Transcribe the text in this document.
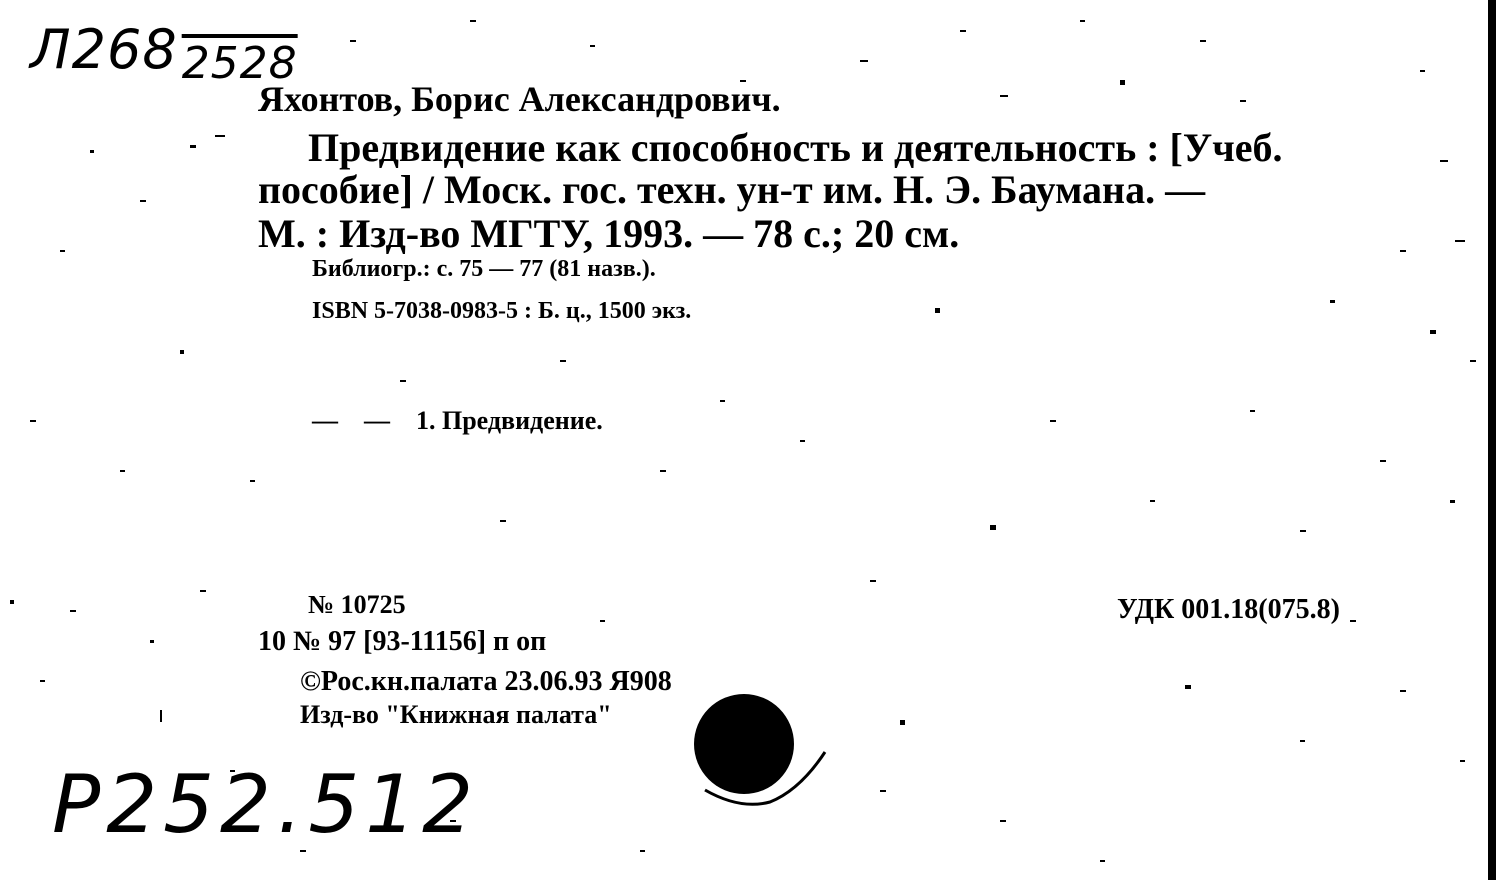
$Л268_{2528}$
Яхонтов, Борис Александрович.
Предвидение как способность и деятельность : [Учеб.
пособие] / Моск. гос. техн. ун-т им. Н. Э. Баумана. —
М. : Изд-во МГТУ, 1993. — 78 с.; 20 см.
Библиогр.: с. 75 — 77 (81 назв.).
ISBN 5-7038-0983-5 : Б. ц., 1500 экз.
— — 1. Предвидение.
№ 10725
10 № 97 [93-11156] п оп
©Рос.кн.палата 23.06.93 Я908
Изд-во "Книжная палата"
УДК 001.18(075.8)
P252.512
